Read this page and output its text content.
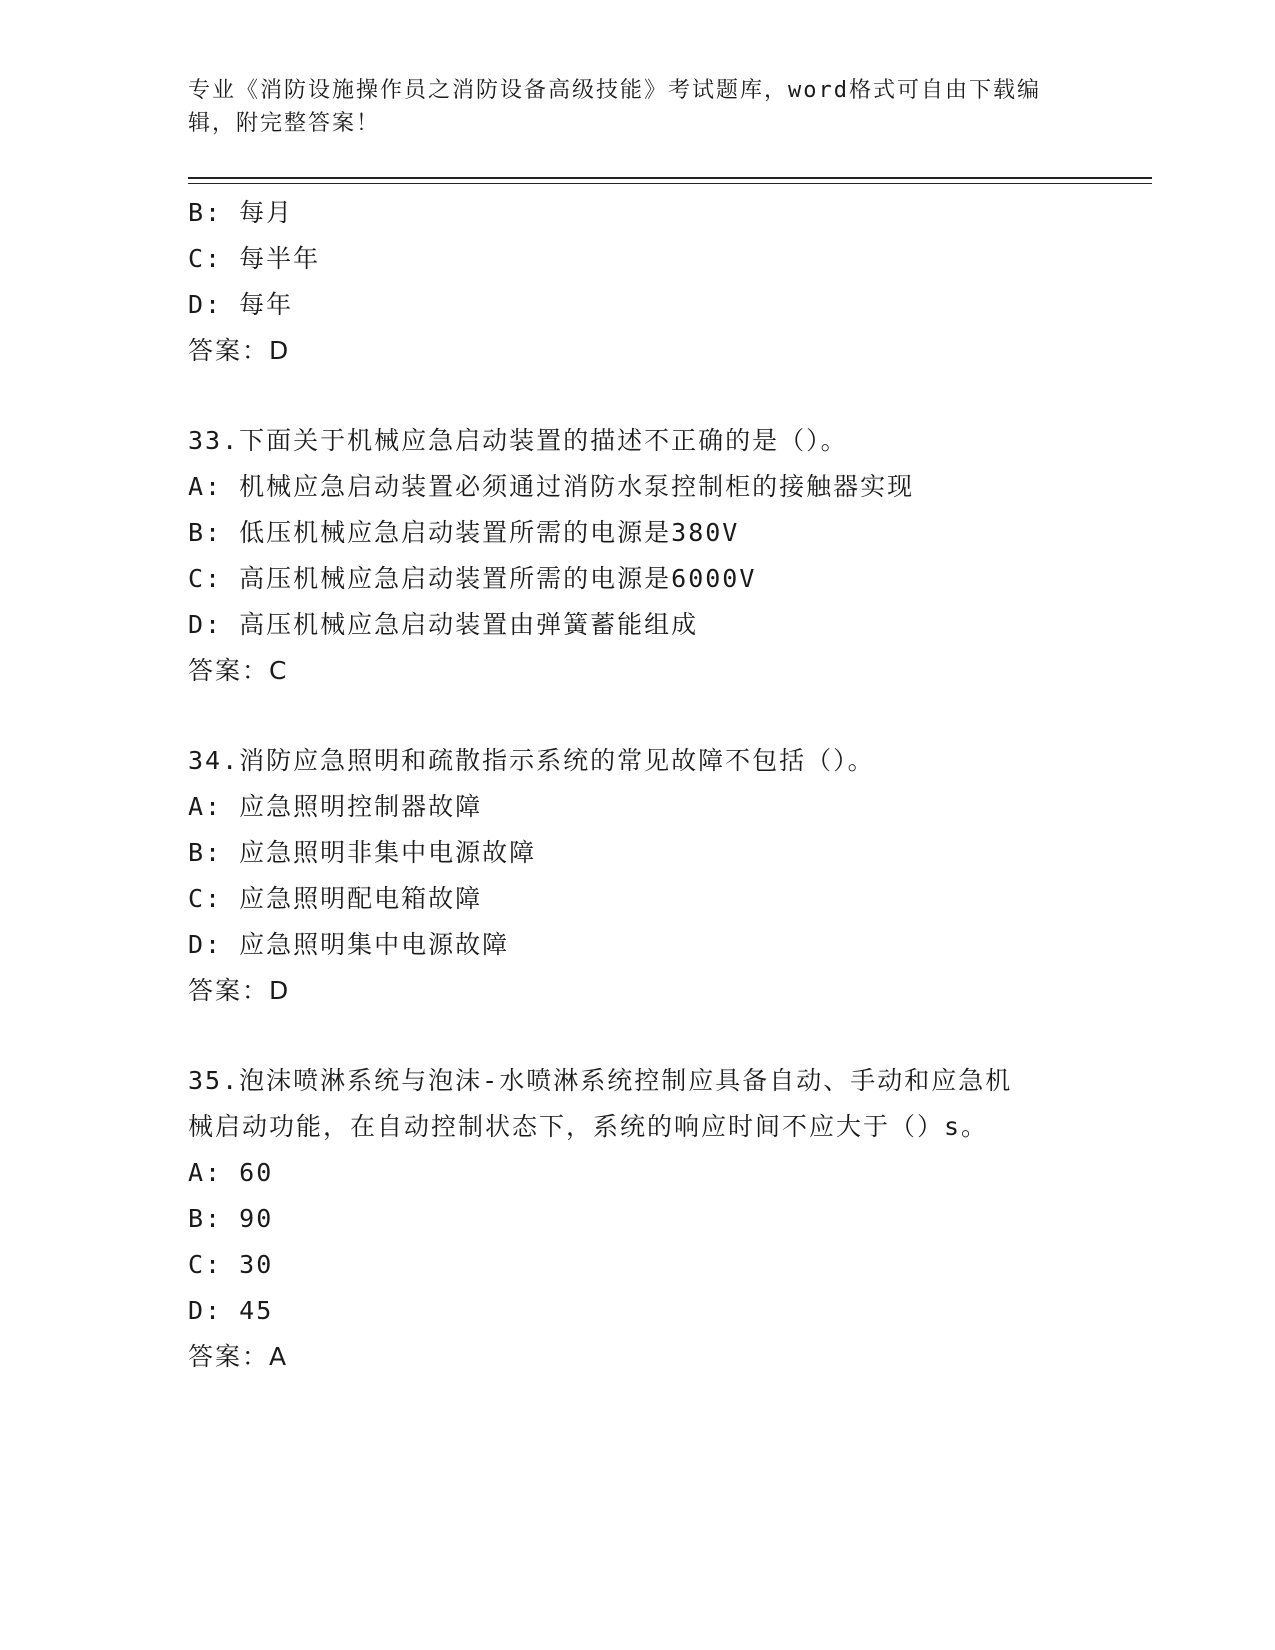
专业《消防设施操作员之消防设备高级技能》考试题库，word格式可自由下载编
辑，附完整答案！
B: 每月
C: 每半年
D: 每年
答案：D
33.下面关于机械应急启动装置的描述不正确的是（）。
A: 机械应急启动装置必须通过消防水泵控制柜的接触器实现
B: 低压机械应急启动装置所需的电源是380V
C: 高压机械应急启动装置所需的电源是6000V
D: 高压机械应急启动装置由弹簧蓄能组成
答案：C
34.消防应急照明和疏散指示系统的常见故障不包括（）。
A: 应急照明控制器故障
B: 应急照明非集中电源故障
C: 应急照明配电箱故障
D: 应急照明集中电源故障
答案：D
35.泡沫喷淋系统与泡沫-水喷淋系统控制应具备自动、手动和应急机
械启动功能，在自动控制状态下，系统的响应时间不应大于（）s。
A: 60
B: 90
C: 30
D: 45
答案：A
